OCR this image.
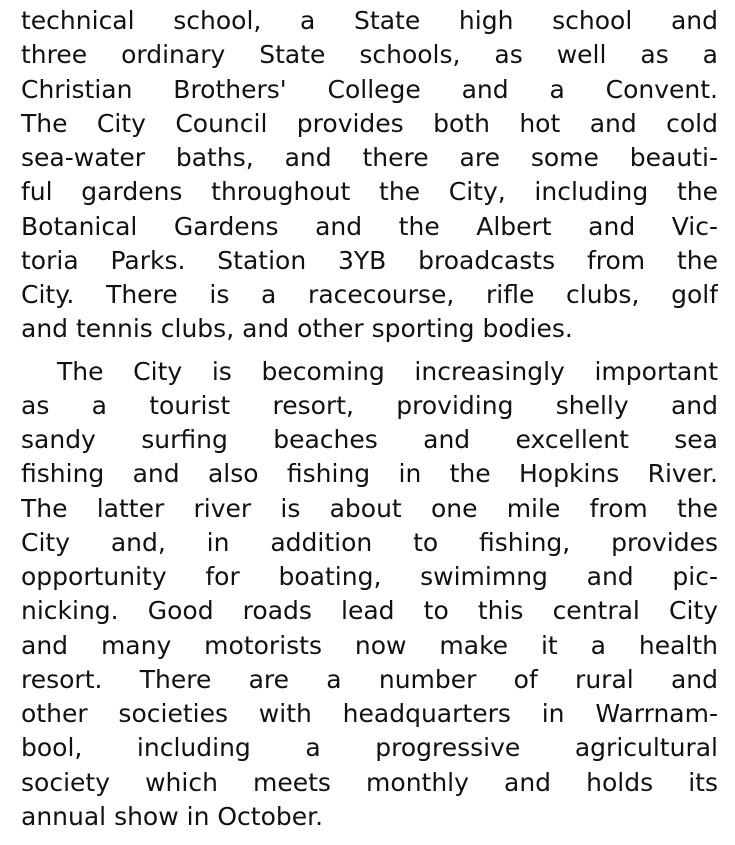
technical school, a State high school and
three ordinary State schools, as well as a
Christian Brothers' College and a Convent.
The City Council provides both hot and cold
sea-water baths, and there are some beauti-
ful gardens throughout the City, including the
Botanical Gardens and the Albert and Vic-
toria Parks. Station 3YB broadcasts from the
City. There is a racecourse, rifle clubs, golf
and tennis clubs, and other sporting bodies.
The City is becoming increasingly important
as a tourist resort, providing shelly and
sandy surfing beaches and excellent sea
fishing and also fishing in the Hopkins River.
The latter river is about one mile from the
City and, in addition to fishing, provides
opportunity for boating, swimimng and pic-
nicking. Good roads lead to this central City
and many motorists now make it a health
resort. There are a number of rural and
other societies with headquarters in Warrnam-
bool, including a progressive agricultural
society which meets monthly and holds its
annual show in October.
